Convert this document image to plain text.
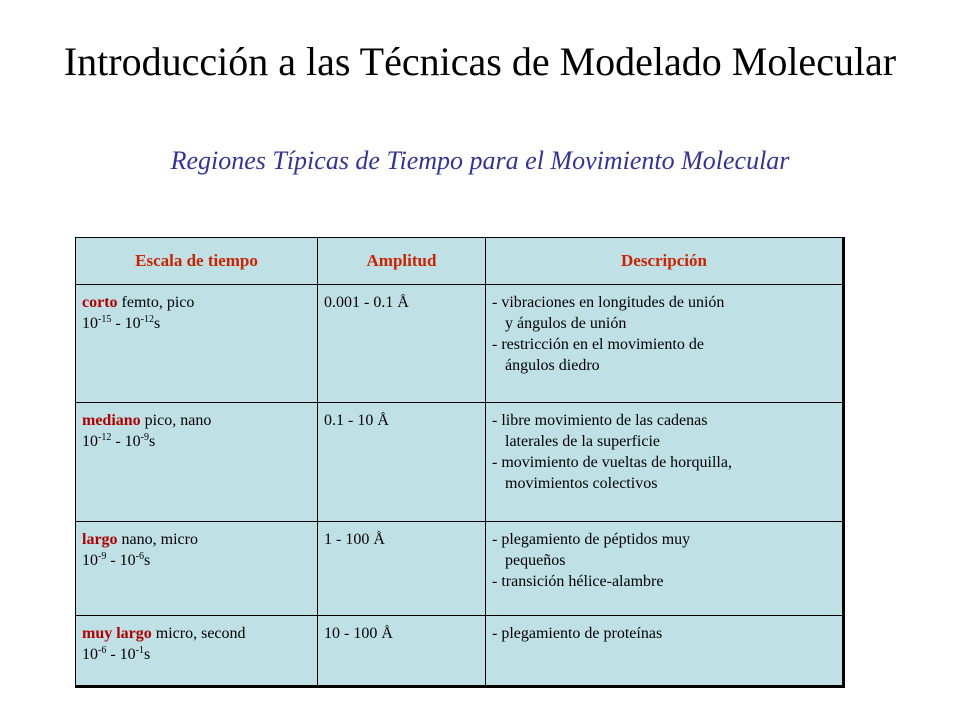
Introducción a las Técnicas de Modelado Molecular
Regiones Típicas de Tiempo para el Movimiento Molecular
Escala de tiempo	Amplitud	Descripción
corto femto, pico
$10^{-15} - 10^{-12}s$	0.001 - 0.1 Å	- vibraciones en longitudes de unión
y ángulos de unión
- restricción en el movimiento de
ángulos diedro

mediano pico, nano
$10^{-12} - 10^{-9}s$	0.1 - 10 Å	- libre movimiento de las cadenas
laterales de la superficie
- movimiento de vueltas de horquilla,
movimientos colectivos

largo nano, micro
$10^{-9} - 10^{-6}s$	1 - 100 Å	- plegamiento de péptidos muy
pequeños
- transición hélice-alambre

muy largo micro, second
$10^{-6} - 10^{-1}s$	10 - 100 Å	- plegamiento de proteínas
